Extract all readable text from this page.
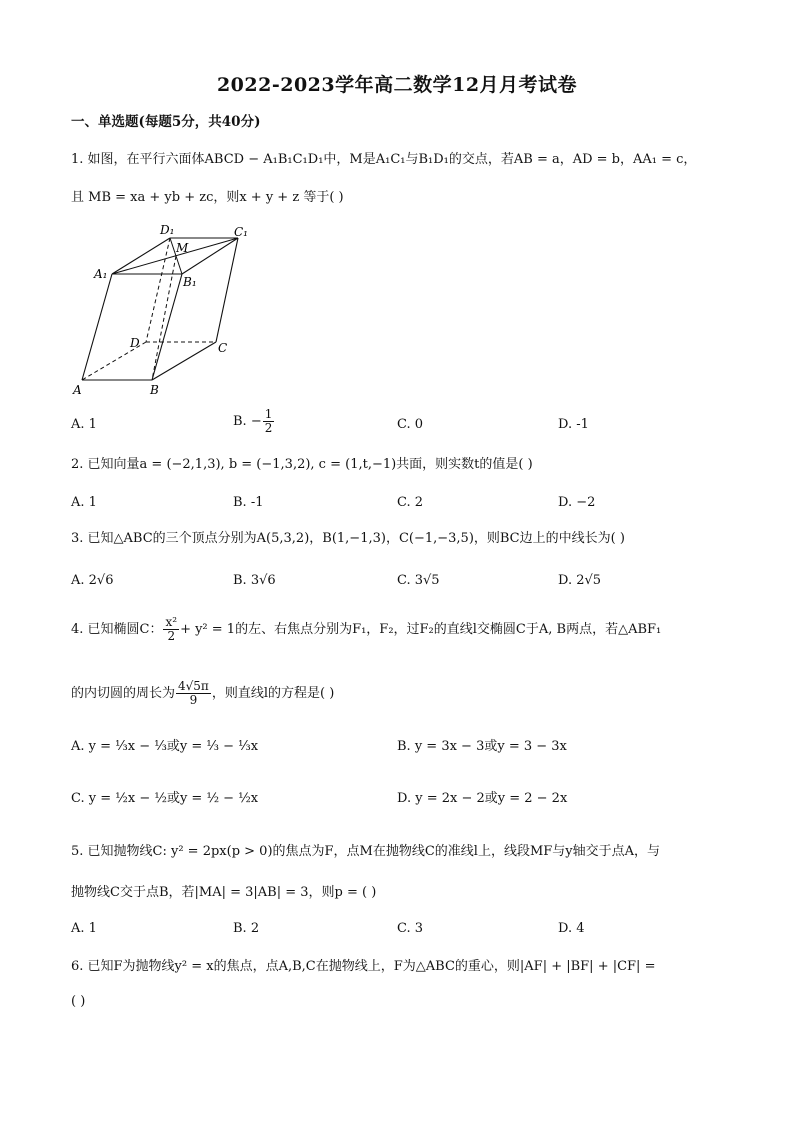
2022-2023学年高二数学12月月考试卷
一、单选题(每题5分，共40分)
1. 如图，在平行六面体ABCD − A₁B₁C₁D₁中，M是A₁C₁与B₁D₁的交点，若AB = a，AD = b，AA₁ = c，
且 MB = xa + yb + zc，则x + y + z 等于( )
D₁
M
C₁
A₁
B₁
D	C
A	B
A. 1	B. − $\frac{1}{2}$	C. 0	D. -1
2. 已知向量a = (−2,1,3), b = (−1,3,2), c = (1,t,−1)共面，则实数t的值是( )
A. 1	B. -1	C. 2	D. −2
3. 已知△ABC的三个顶点分别为A(5,3,2)，B(1,−1,3)，C(−1,−3,5)，则BC边上的中线长为( )
A. 2√6	B. 3√6	C. 3√5	D. 2√5
4. 已知椭圆C： $\frac{\text{x²}}{2} + y^2 = 1$的左、右焦点分别为F₁，F₂，过F₂的直线l交椭圆C于A, B两点，若△ABF₁
的内切圆的周长为 $\frac{4√5\pi}{9}$ ，则直线l的方程是( )
A. y = ⅓x − ⅓或y = ⅓ − ⅓x	B. y = 3x − 3或y = 3 − 3x
C. y = ½x − ½或y = ½ − ½x	D. y = 2x − 2或y = 2 − 2x
5. 已知抛物线C: y² = 2px(p > 0)的焦点为F，点M在抛物线C的准线l上，线段MF与y轴交于点A，与
抛物线C交于点B，若|MA| = 3|AB| = 3，则p = ( )
A. 1	B. 2	C. 3	D. 4
6. 已知F为抛物线y² = x的焦点，点A,B,C在抛物线上，F为△ABC的重心，则|AF| + |BF| + |CF| =
( )
